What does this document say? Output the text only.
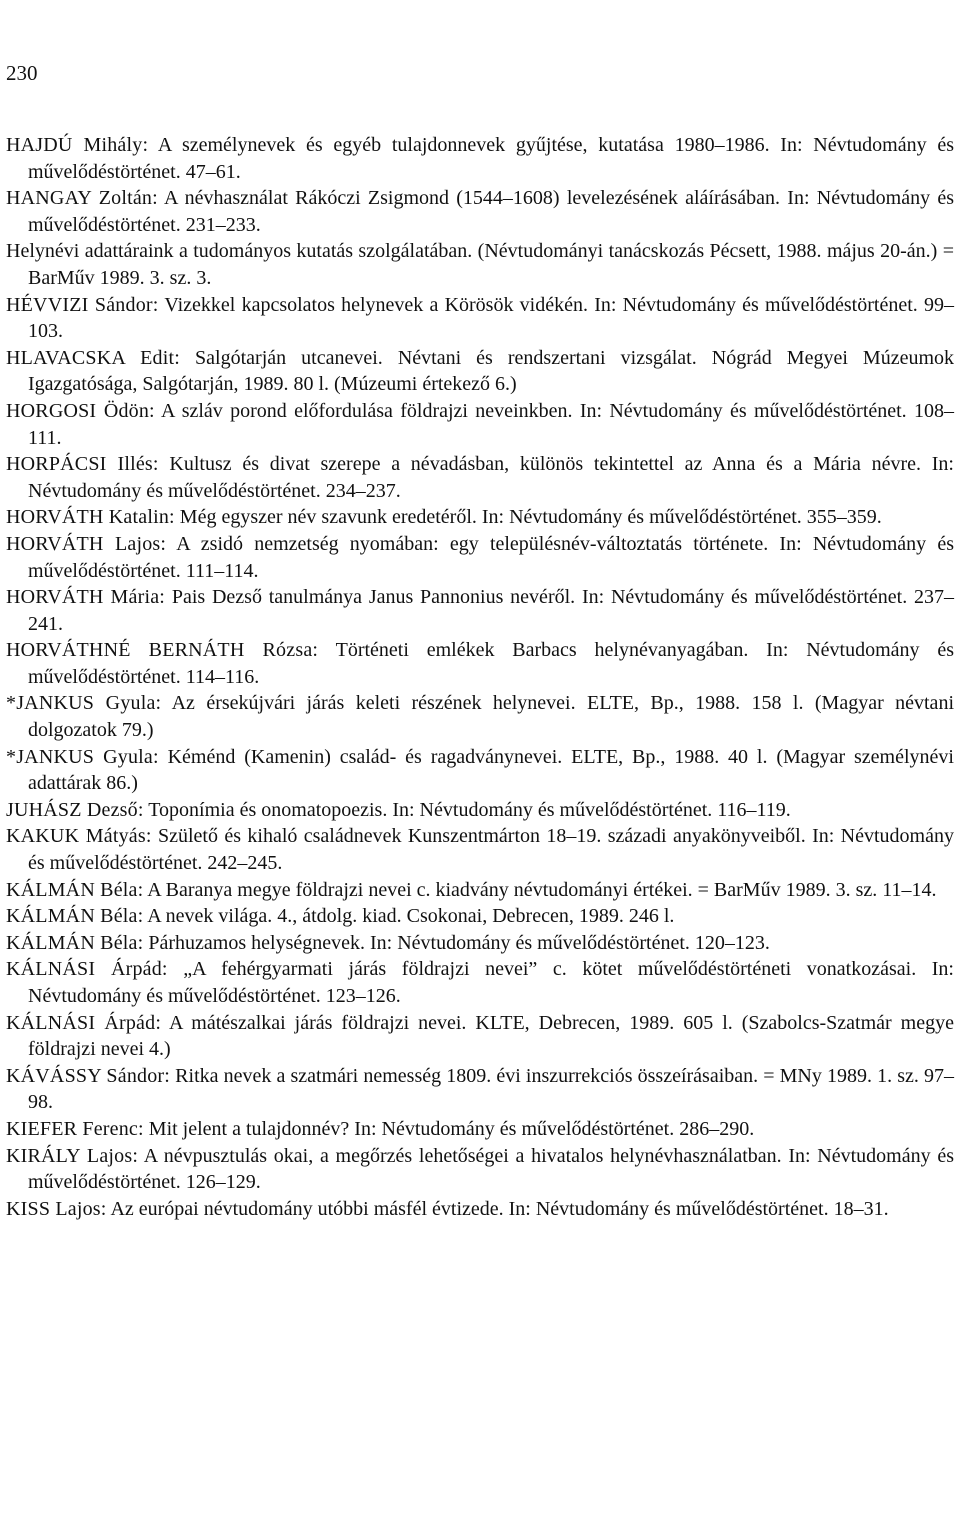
230
HAJDÚ Mihály: A személynevek és egyéb tulajdonnevek gyűjtése, kutatása 1980–1986. In: Névtudomány és művelődéstörténet. 47–61.
HANGAY Zoltán: A névhasználat Rákóczi Zsigmond (1544–1608) levelezésének aláírásában. In: Névtudomány és művelődéstörténet. 231–233.
Helynévi adattáraink a tudományos kutatás szolgálatában. (Névtudományi tanácskozás Pécsett, 1988. május 20-án.) = BarMűv 1989. 3. sz. 3.
HÉVVIZI Sándor: Vizekkel kapcsolatos helynevek a Körösök vidékén. In: Névtudomány és művelődéstörténet. 99–103.
HLAVACSKA Edit: Salgótarján utcanevei. Névtani és rendszertani vizsgálat. Nógrád Megyei Múzeumok Igazgatósága, Salgótarján, 1989. 80 l. (Múzeumi értekező 6.)
HORGOSI Ödön: A szláv porond előfordulása földrajzi neveinkben. In: Névtudomány és művelődéstörténet. 108–111.
HORPÁCSI Illés: Kultusz és divat szerepe a névadásban, különös tekintettel az Anna és a Mária névre. In: Névtudomány és művelődéstörténet. 234–237.
HORVÁTH Katalin: Még egyszer név szavunk eredetéről. In: Névtudomány és művelődéstörténet. 355–359.
HORVÁTH Lajos: A zsidó nemzetség nyomában: egy településnév-változtatás története. In: Névtudomány és művelődéstörténet. 111–114.
HORVÁTH Mária: Pais Dezső tanulmánya Janus Pannonius nevéről. In: Névtudomány és művelődéstörténet. 237–241.
HORVÁTHNÉ BERNÁTH Rózsa: Történeti emlékek Barbacs helynévanyagában. In: Névtudomány és művelődéstörténet. 114–116.
*JANKUS Gyula: Az érsekújvári járás keleti részének helynevei. ELTE, Bp., 1988. 158 l. (Magyar névtani dolgozatok 79.)
*JANKUS Gyula: Kéménd (Kamenin) család- és ragadványnevei. ELTE, Bp., 1988. 40 l. (Magyar személynévi adattárak 86.)
JUHÁSZ Dezső: Toponímia és onomatopoezis. In: Névtudomány és művelődéstörténet. 116–119.
KAKUK Mátyás: Születő és kihaló családnevek Kunszentmárton 18–19. századi anyakönyveiből. In: Névtudomány és művelődéstörténet. 242–245.
KÁLMÁN Béla: A Baranya megye földrajzi nevei c. kiadvány névtudományi értékei. = BarMűv 1989. 3. sz. 11–14.
KÁLMÁN Béla: A nevek világa. 4., átdolg. kiad. Csokonai, Debrecen, 1989. 246 l.
KÁLMÁN Béla: Párhuzamos helységnevek. In: Névtudomány és művelődéstörténet. 120–123.
KÁLNÁSI Árpád: „A fehérgyarmati járás földrajzi nevei” c. kötet művelődéstörténeti vonatkozásai. In: Névtudomány és művelődéstörténet. 123–126.
KÁLNÁSI Árpád: A mátészalkai járás földrajzi nevei. KLTE, Debrecen, 1989. 605 l. (Szabolcs-Szatmár megye földrajzi nevei 4.)
KÁVÁSSY Sándor: Ritka nevek a szatmári nemesség 1809. évi inszurrekciós összeírásaiban. = MNy 1989. 1. sz. 97–98.
KIEFER Ferenc: Mit jelent a tulajdonnév? In: Névtudomány és művelődéstörténet. 286–290.
KIRÁLY Lajos: A névpusztulás okai, a megőrzés lehetőségei a hivatalos helynévhasználatban. In: Névtudomány és művelődéstörténet. 126–129.
KISS Lajos: Az európai névtudomány utóbbi másfél évtizede. In: Névtudomány és művelődéstörténet. 18–31.
